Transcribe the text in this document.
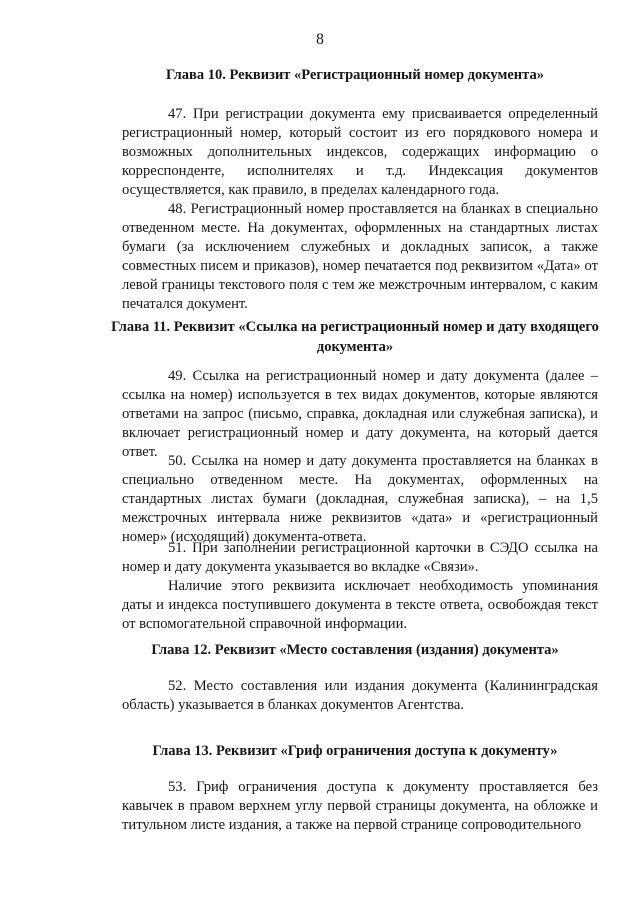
8
Глава 10. Реквизит «Регистрационный номер документа»

47. При регистрации документа ему присваивается определенный регистрационный номер, который состоит из его порядкового номера и возможных дополнительных индексов, содержащих информацию о корреспонденте, исполнителях и т.д. Индексация документов осуществляется, как правило, в пределах календарного года.

48. Регистрационный номер проставляется на бланках в специально отведенном месте. На документах, оформленных на стандартных листах бумаги (за исключением служебных и докладных записок, а также совместных писем и приказов), номер печатается под реквизитом «Дата» от левой границы текстового поля с тем же межстрочным интервалом, с каким печатался документ.

Глава 11. Реквизит «Ссылка на регистрационный номер и дату входящего документа»

49. Ссылка на регистрационный номер и дату документа (далее – ссылка на номер) используется в тех видах документов, которые являются ответами на запрос (письмо, справка, докладная или служебная записка), и включает регистрационный номер и дату документа, на который дается ответ.

50. Ссылка на номер и дату документа проставляется на бланках в специально отведенном месте. На документах, оформленных на стандартных листах бумаги (докладная, служебная записка), – на 1,5 межстрочных интервала ниже реквизитов «дата» и «регистрационный номер» (исходящий) документа-ответа.

51. При заполнении регистрационной карточки в СЭДО ссылка на номер и дату документа указывается во вкладке «Связи».

Наличие этого реквизита исключает необходимость упоминания даты и индекса поступившего документа в тексте ответа, освобождая текст от вспомогательной справочной информации.

Глава 12. Реквизит «Место составления (издания) документа»

52. Место составления или издания документа (Калининградская область) указывается в бланках документов Агентства.

Глава 13. Реквизит «Гриф ограничения доступа к документу»

53. Гриф ограничения доступа к документу проставляется без кавычек в правом верхнем углу первой страницы документа, на обложке и титульном листе издания, а также на первой странице сопроводительного
